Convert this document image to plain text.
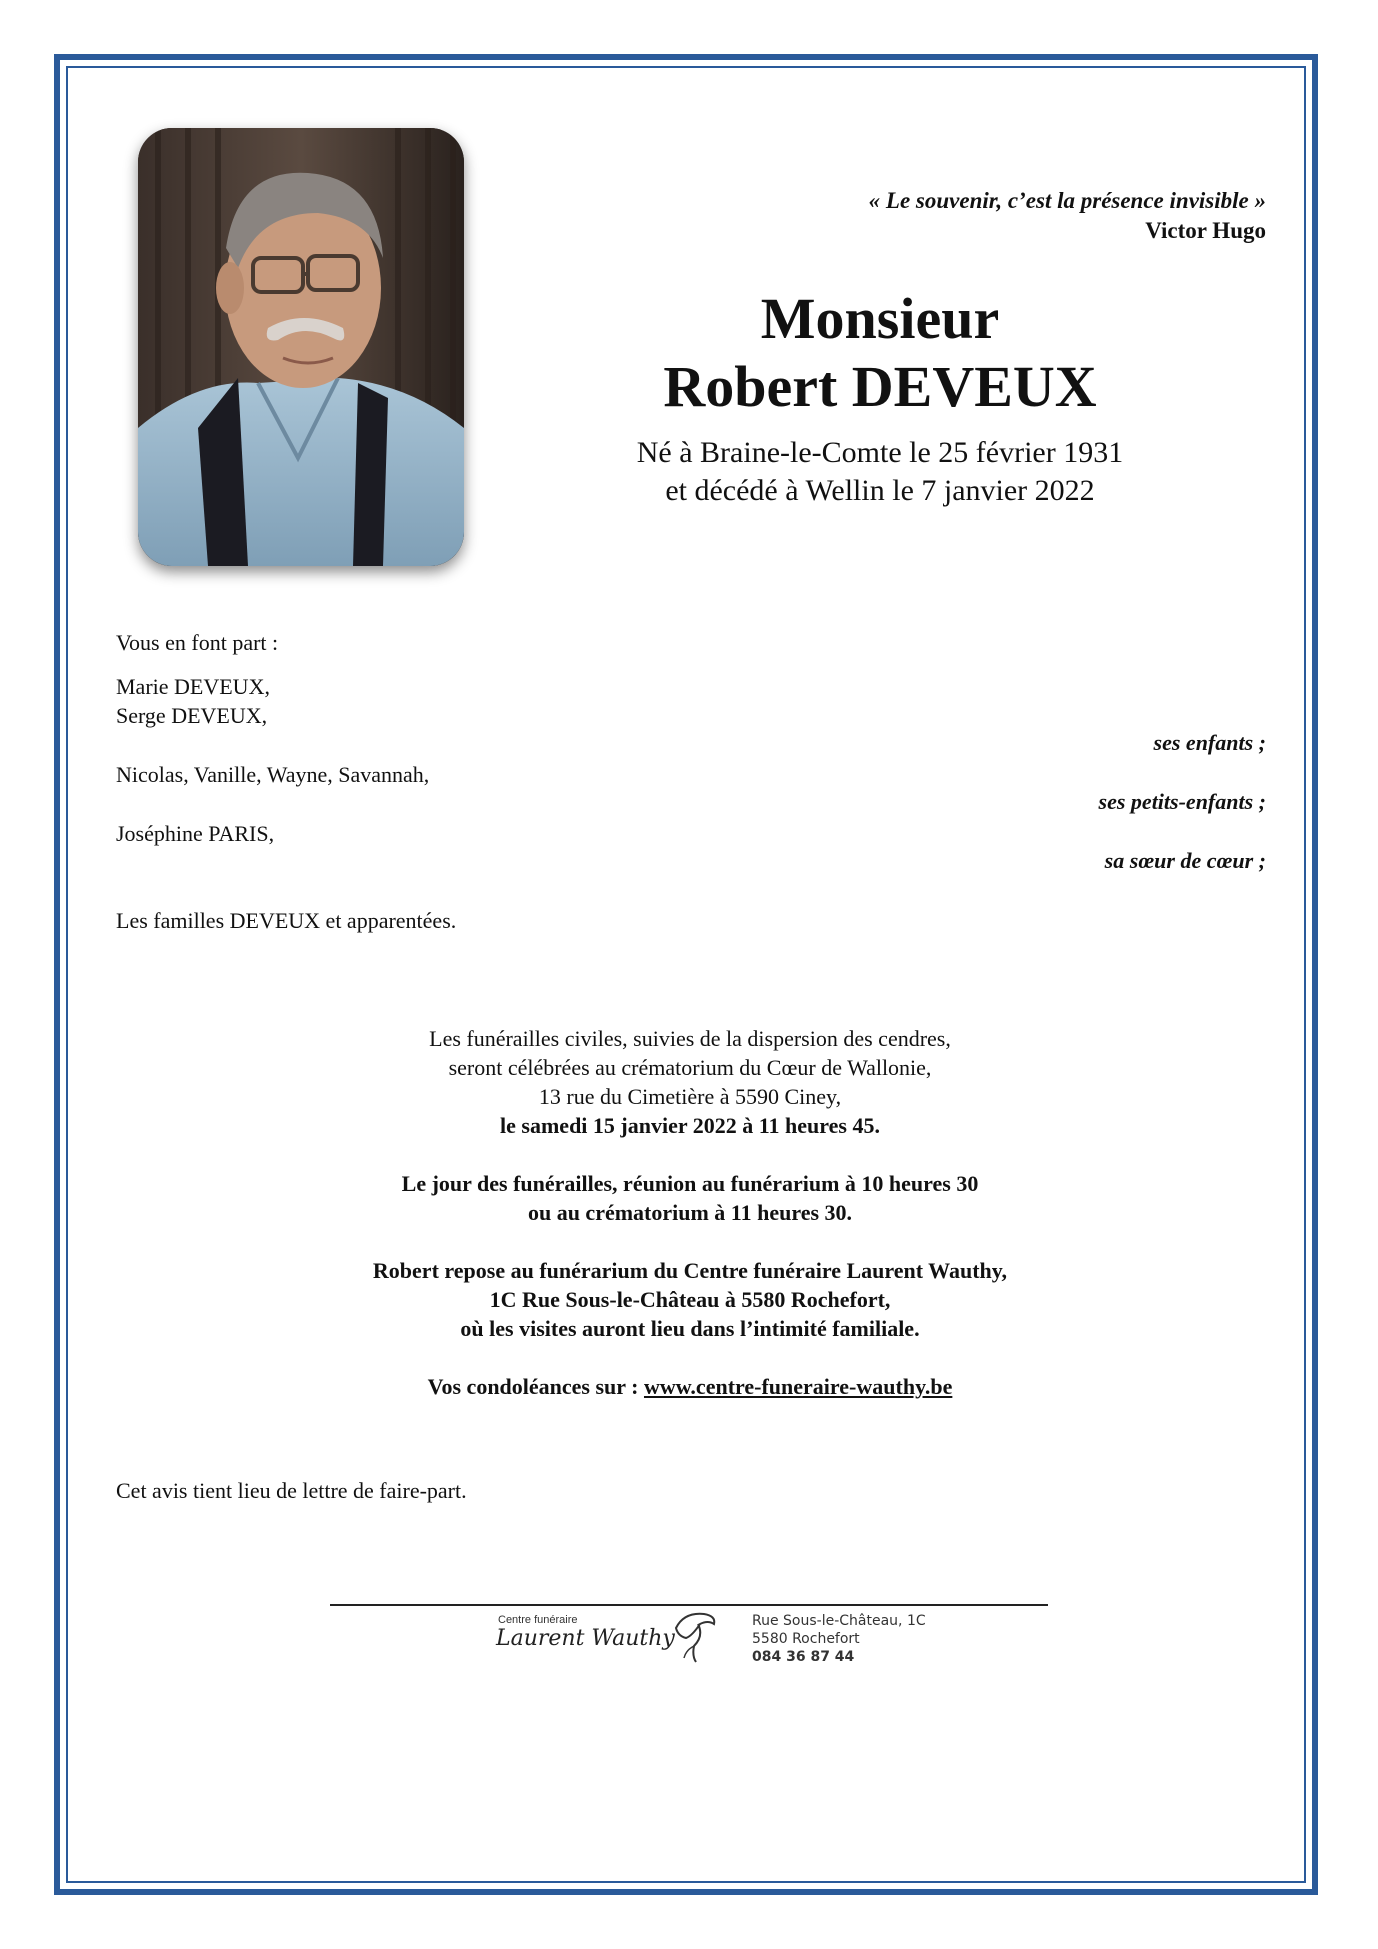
« Le souvenir, c’est la présence invisible »
Victor Hugo
Monsieur
Robert DEVEUX
Né à Braine-le-Comte le 25 février 1931
et décédé à Wellin le 7 janvier 2022
Vous en font part :
Marie DEVEUX,
Serge DEVEUX,
ses enfants ;
Nicolas, Vanille, Wayne, Savannah,
ses petits-enfants ;
Joséphine PARIS,
sa sœur de cœur ;
Les familles DEVEUX et apparentées.
Les funérailles civiles, suivies de la dispersion des cendres,
seront célébrées au crématorium du Cœur de Wallonie,
13 rue du Cimetière à 5590 Ciney,
le samedi 15 janvier 2022 à 11 heures 45.
Le jour des funérailles, réunion au funérarium à 10 heures 30
ou au crématorium à 11 heures 30.
Robert repose au funérarium du Centre funéraire Laurent Wauthy,
1C Rue Sous-le-Château à 5580 Rochefort,
où les visites auront lieu dans l’intimité familiale.
Vos condoléances sur : www.centre-funeraire-wauthy.be
Cet avis tient lieu de lettre de faire-part.
Centre funéraire
Laurent Wauthy
Rue Sous-le-Château, 1C
5580 Rochefort
084 36 87 44
